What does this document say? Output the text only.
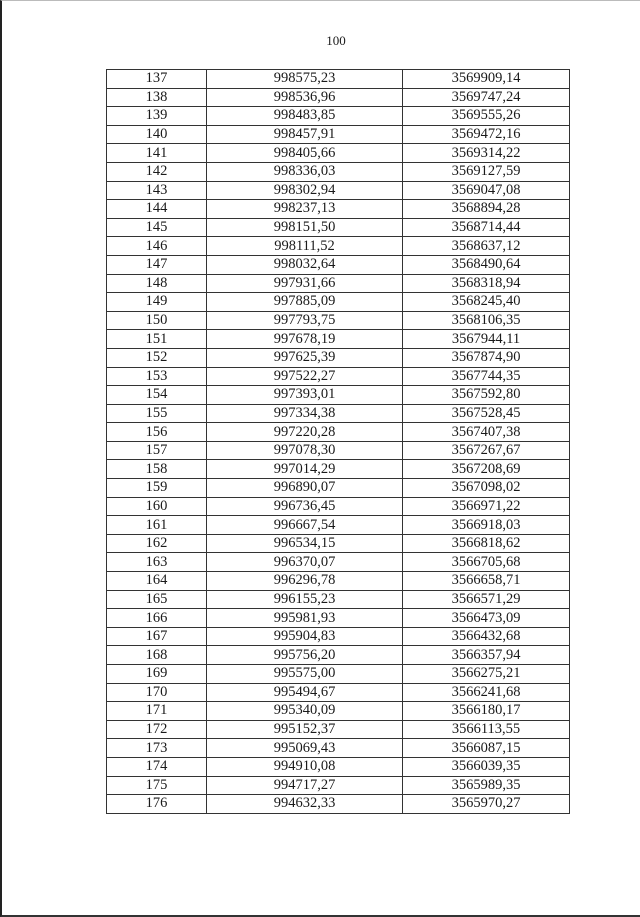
100
137	998575,23	3569909,14
138	998536,96	3569747,24
139	998483,85	3569555,26
140	998457,91	3569472,16
141	998405,66	3569314,22
142	998336,03	3569127,59
143	998302,94	3569047,08
144	998237,13	3568894,28
145	998151,50	3568714,44
146	998111,52	3568637,12
147	998032,64	3568490,64
148	997931,66	3568318,94
149	997885,09	3568245,40
150	997793,75	3568106,35
151	997678,19	3567944,11
152	997625,39	3567874,90
153	997522,27	3567744,35
154	997393,01	3567592,80
155	997334,38	3567528,45
156	997220,28	3567407,38
157	997078,30	3567267,67
158	997014,29	3567208,69
159	996890,07	3567098,02
160	996736,45	3566971,22
161	996667,54	3566918,03
162	996534,15	3566818,62
163	996370,07	3566705,68
164	996296,78	3566658,71
165	996155,23	3566571,29
166	995981,93	3566473,09
167	995904,83	3566432,68
168	995756,20	3566357,94
169	995575,00	3566275,21
170	995494,67	3566241,68
171	995340,09	3566180,17
172	995152,37	3566113,55
173	995069,43	3566087,15
174	994910,08	3566039,35
175	994717,27	3565989,35
176	994632,33	3565970,27
